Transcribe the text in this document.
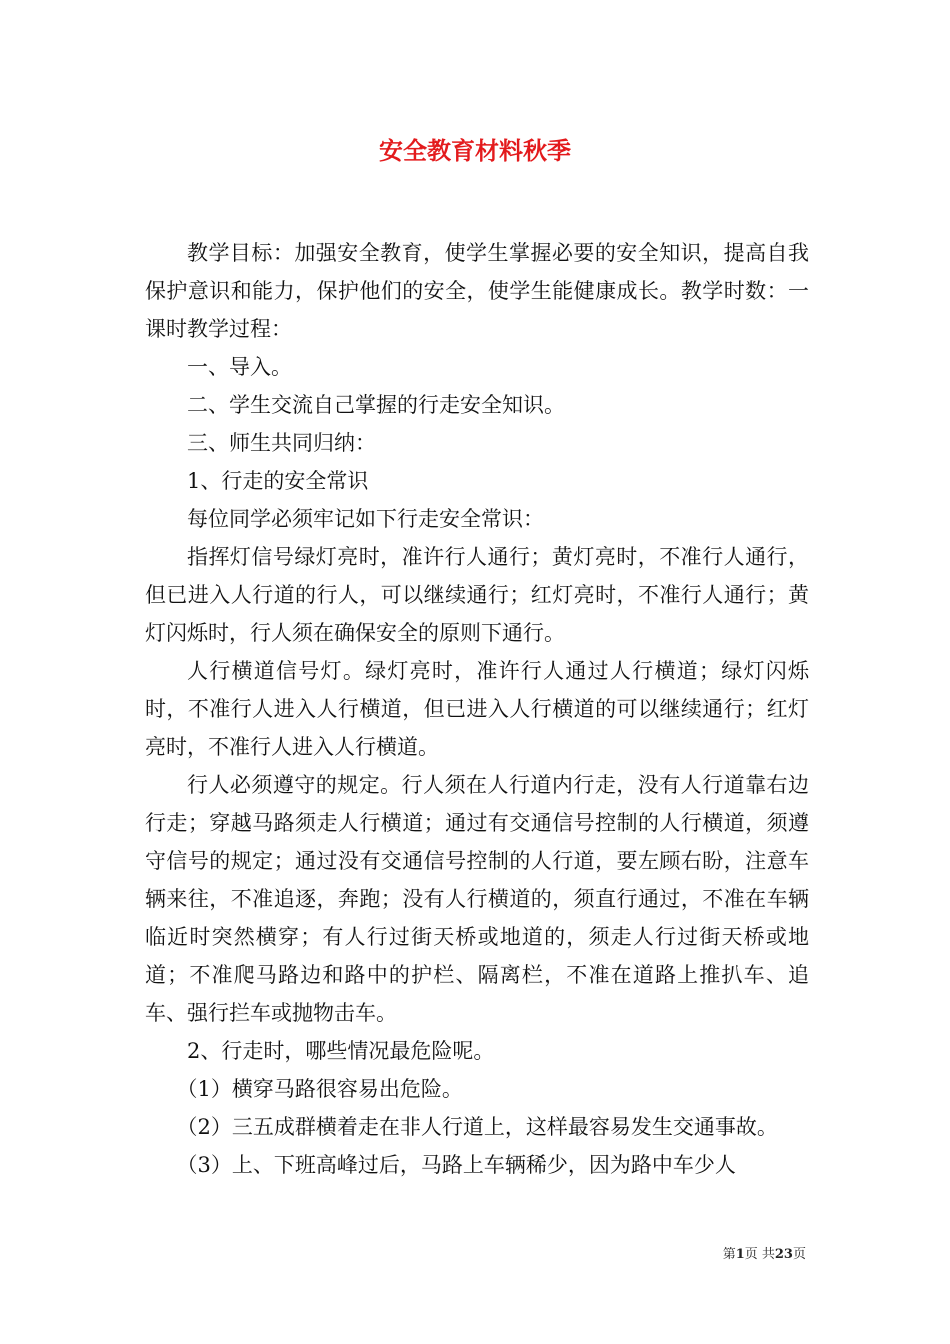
安全教育材料秋季

教学目标：加强安全教育，使学生掌握必要的安全知识，提高自我保护意识和能力，保护他们的安全，使学生能健康成长。教学时数：一课时教学过程：

一、导入。

二、学生交流自己掌握的行走安全知识。

三、师生共同归纳：

1、行走的安全常识

每位同学必须牢记如下行走安全常识：

指挥灯信号绿灯亮时，准许行人通行；黄灯亮时，不准行人通行，但已进入人行道的行人，可以继续通行；红灯亮时，不准行人通行；黄灯闪烁时，行人须在确保安全的原则下通行。

人行横道信号灯。绿灯亮时，准许行人通过人行横道；绿灯闪烁时，不准行人进入人行横道，但已进入人行横道的可以继续通行；红灯亮时，不准行人进入人行横道。

行人必须遵守的规定。行人须在人行道内行走，没有人行道靠右边行走；穿越马路须走人行横道；通过有交通信号控制的人行横道，须遵守信号的规定；通过没有交通信号控制的人行道，要左顾右盼，注意车辆来往，不准追逐，奔跑；没有人行横道的，须直行通过，不准在车辆临近时突然横穿；有人行过街天桥或地道的，须走人行过街天桥或地道；不准爬马路边和路中的护栏、隔离栏，不准在道路上推扒车、追车、强行拦车或抛物击车。

2、行走时，哪些情况最危险呢。

（1）横穿马路很容易出危险。

（2）三五成群横着走在非人行道上，这样最容易发生交通事故。

（3）上、下班高峰过后，马路上车辆稀少，因为路中车少人

第1页 共23页
